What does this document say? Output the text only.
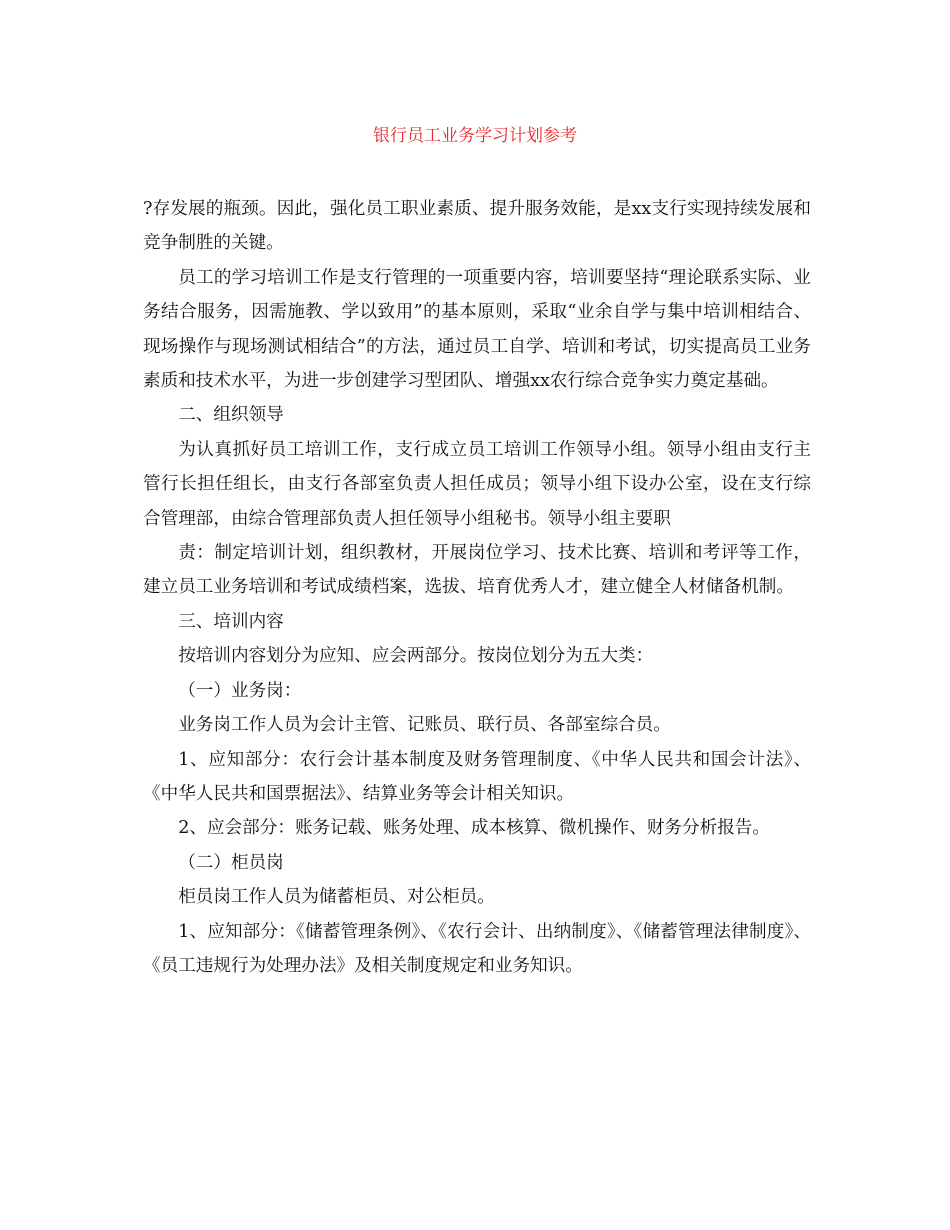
银行员工业务学习计划参考

?存发展的瓶颈。因此，强化员工职业素质、提升服务效能，是xx支行实现持续发展和竞争制胜的关键。

员工的学习培训工作是支行管理的一项重要内容，培训要坚持“理论联系实际、业务结合服务，因需施教、学以致用”的基本原则，采取“业余自学与集中培训相结合、现场操作与现场测试相结合”的方法，通过员工自学、培训和考试，切实提高员工业务素质和技术水平，为进一步创建学习型团队、增强xx农行综合竞争实力奠定基础。

二、组织领导

为认真抓好员工培训工作，支行成立员工培训工作领导小组。领导小组由支行主管行长担任组长，由支行各部室负责人担任成员；领导小组下设办公室，设在支行综合管理部，由综合管理部负责人担任领导小组秘书。领导小组主要职

责：制定培训计划，组织教材，开展岗位学习、技术比赛、培训和考评等工作，建立员工业务培训和考试成绩档案，选拔、培育优秀人才，建立健全人材储备机制。

三、培训内容

按培训内容划分为应知、应会两部分。按岗位划分为五大类：

（一）业务岗：

业务岗工作人员为会计主管、记账员、联行员、各部室综合员。

1、应知部分：农行会计基本制度及财务管理制度、《中华人民共和国会计法》、《中华人民共和国票据法》、结算业务等会计相关知识。

2、应会部分：账务记载、账务处理、成本核算、微机操作、财务分析报告。

（二）柜员岗

柜员岗工作人员为储蓄柜员、对公柜员。

1、应知部分：《储蓄管理条例》、《农行会计、出纳制度》、《储蓄管理法律制度》、《员工违规行为处理办法》及相关制度规定和业务知识。
